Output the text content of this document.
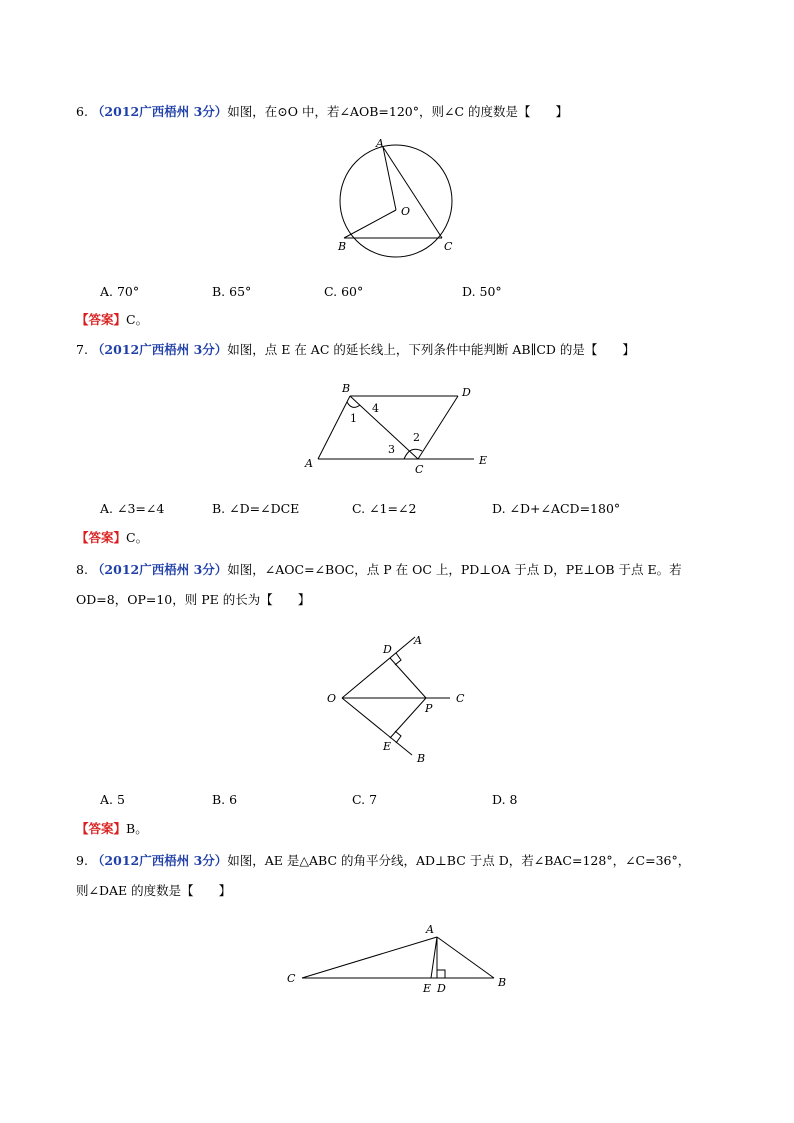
6. （2012广西梧州 3分）如图，在⊙O 中，若∠AOB=120°，则∠C 的度数是【　　】
A
O
B	C
A. 70°	B. 65°	C. 60°	D. 50°
【答案】C。
7. （2012广西梧州 3分）如图，点 E 在 AC 的延长线上，下列条件中能判断 AB∥CD 的是【　　】
B	D
4
1
2
3
A	C
E
A. ∠3=∠4	B. ∠D=∠DCE	C. ∠1=∠2	D. ∠D+∠ACD=180°
【答案】C。
8. （2012广西梧州 3分）如图，∠AOC=∠BOC，点 P 在 OC 上，PD⊥OA 于点 D，PE⊥OB 于点 E。若
OD=8，OP=10，则 PE 的长为【　　】
D
A
O	C
P
E
B
A. 5	B. 6	C. 7	D. 8
【答案】B。
9. （2012广西梧州 3分）如图，AE 是△ABC 的角平分线，AD⊥BC 于点 D，若∠BAC=128°，∠C=36°，
则∠DAE 的度数是【　　】
A
C
E D	B
